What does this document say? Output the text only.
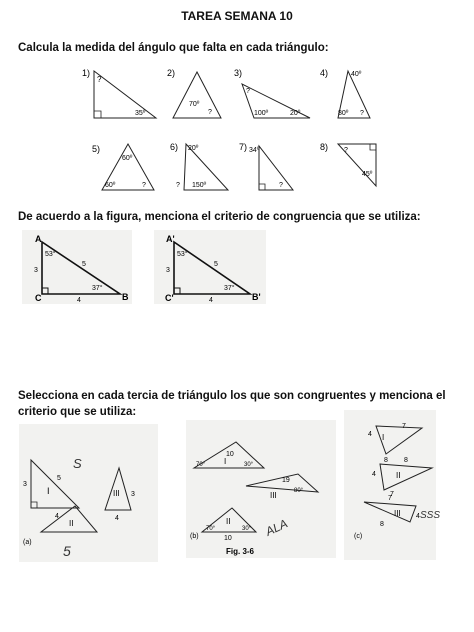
TAREA SEMANA 10
Calcula la medida del ángulo que falta en cada triángulo:
1)
?
35º
2)
70º
?
3)
?
100º	20º
4)	40º
80º ?
5)
60º
60º	?
6) 20º
? 150º
7) 34º
?
8) ?
45º
De acuerdo a la figura, menciona el criterio de congruencia que se utiliza:
A
C	B
53°
37°
3
4
5
A'
C'	B'
53°
37°
3
4
5
Selecciona en cada tercia de triángulo los que son congruentes y menciona el criterio que se utiliza:
I
3
4
5
S
III 3
4
II
5
(a)
I
10
70°	30°
III
19
80°
II
10
70°	30° ALA
(b)
Fig. 3-6
I
4
7
8
II
4
7
8
III
7
8
4 SSS
(c)
